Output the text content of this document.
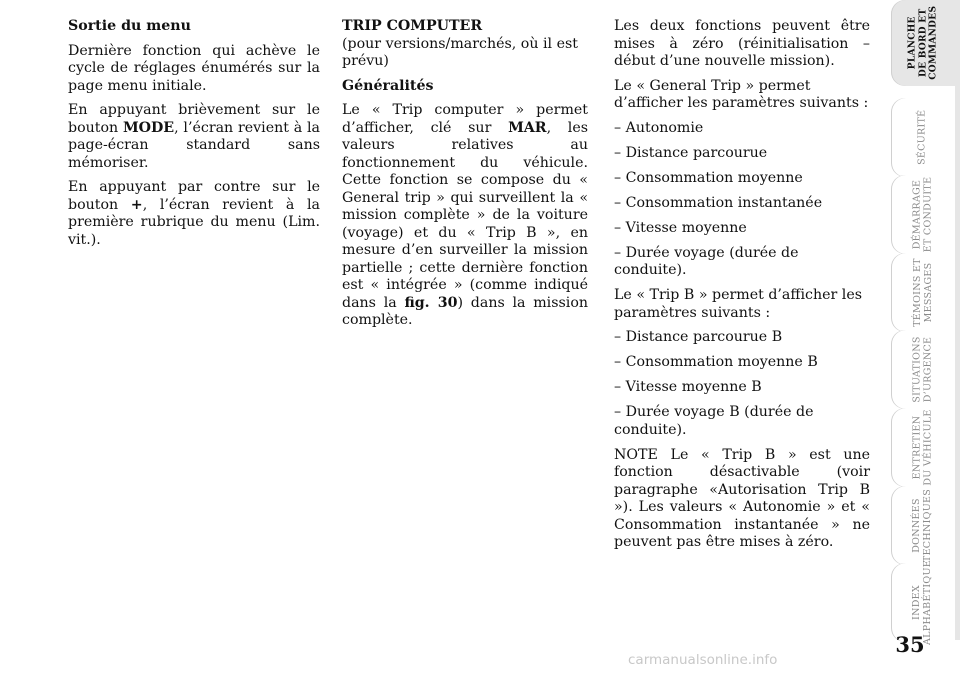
Sortie du menu

Dernière fonction qui achève le cycle de réglages énumérés sur la page menu initiale.

En appuyant brièvement sur le bouton MODE, l’écran revient à la page-écran standard sans mémoriser.

En appuyant par contre sur le bouton +, l’écran revient à la première rubrique du menu (Lim. vit.).

TRIP COMPUTER

(pour versions/marchés, où il est prévu)

Généralités

Le « Trip computer » permet d’afficher, clé sur MAR, les valeurs relatives au fonctionnement du véhicule. Cette fonction se compose du « General trip » qui surveillent la « mission complète » de la voiture (voyage) et du « Trip B », en mesure d’en surveiller la mission partielle ; cette dernière fonction est « intégrée » (comme indiqué dans la fig. 30) dans la mission complète.

Les deux fonctions peuvent être mises à zéro (réinitialisation – début d’une nouvelle mission).

Le « General Trip » permet d’afficher les paramètres suivants :

– Autonomie
– Distance parcourue
– Consommation moyenne
– Consommation instantanée
– Vitesse moyenne
– Durée voyage (durée de conduite).

Le « Trip B » permet d’afficher les paramètres suivants :

– Distance parcourue B
– Consommation moyenne B
– Vitesse moyenne B
– Durée voyage B (durée de conduite).

NOTE Le « Trip B » est une fonction désactivable (voir paragraphe «Autorisation Trip B »). Les valeurs « Autonomie » et « Consommation instantanée » ne peuvent pas être mises à zéro.

PLANCHE
DE BORD ET
COMMANDES
SÉCURITÉ
DÉMARRAGE
ET CONDUITE
TÉMOINS ET
MESSAGES
SITUATIONS
D’URGENCE
ENTRETIEN
DU VÉHICULE
DONNÉES
TECHNIQUES
INDEX
ALPHABÉTIQUE
35
carmanualsonline.info
